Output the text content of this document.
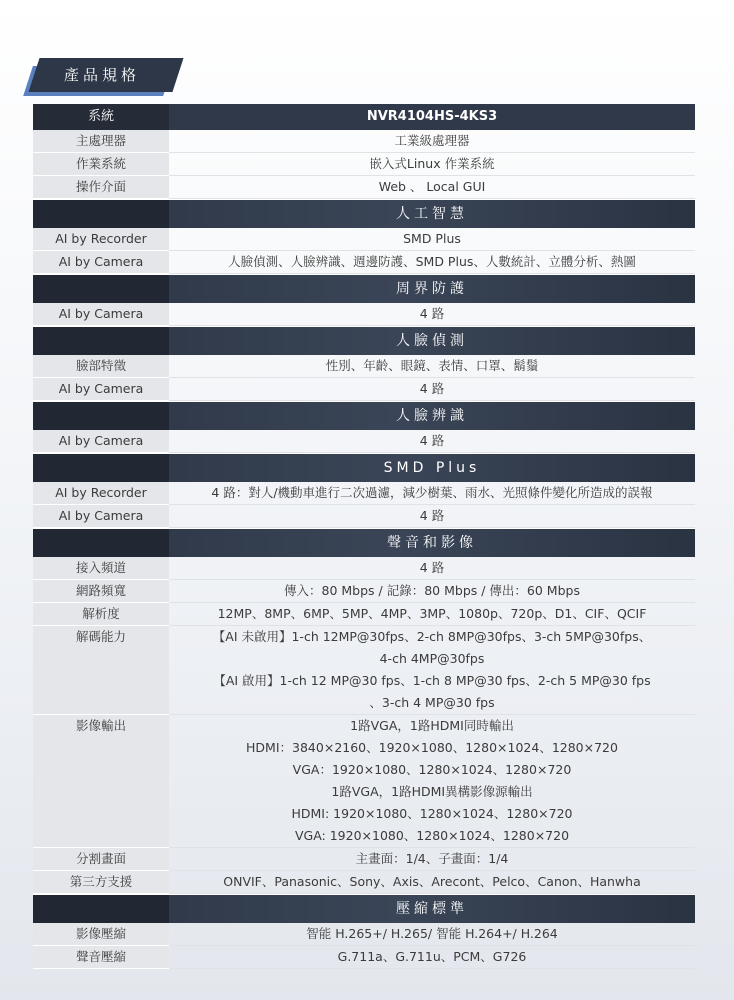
產品規格
系統	NVR4104HS-4KS3
主處理器	工業級處理器
作業系統	嵌入式Linux 作業系統
操作介面	Web 、 Local GUI
人工智慧
AI by Recorder	SMD Plus
AI by Camera	人臉偵測、人臉辨識、週邊防護、SMD Plus、人數統計、立體分析、熱圖
周界防護
AI by Camera	4 路
人臉偵測
臉部特徵	性別、年齡、眼鏡、表情、口罩、鬍鬚
AI by Camera	4 路
人臉辨識
AI by Camera	4 路
SMD Plus
AI by Recorder	4 路：對人/機動車進行二次過濾，減少樹葉、雨水、光照條件變化所造成的誤報
AI by Camera	4 路
聲音和影像
接入頻道	4 路
網路頻寬	傳入：80 Mbps / 記錄：80 Mbps / 傳出：60 Mbps
解析度	12MP、8MP、6MP、5MP、4MP、3MP、1080p、720p、D1、CIF、QCIF
解碼能力	【AI 未啟用】1-ch 12MP@30fps、2-ch 8MP@30fps、3-ch 5MP@30fps、
4-ch 4MP@30fps
【AI 啟用】1-ch 12 MP@30 fps、1-ch 8 MP@30 fps、2-ch 5 MP@30 fps
、3-ch 4 MP@30 fps
影像輸出	1路VGA，1路HDMI同時輸出
HDMI：3840×2160、1920×1080、1280×1024、1280×720
VGA：1920×1080、1280×1024、1280×720
1路VGA，1路HDMI異構影像源輸出
HDMI: 1920×1080、1280×1024、1280×720
VGA: 1920×1080、1280×1024、1280×720
分割畫面	主畫面：1/4、子畫面：1/4
第三方支援	ONVIF、Panasonic、Sony、Axis、Arecont、Pelco、Canon、Hanwha
壓縮標準
影像壓縮	智能 H.265+/ H.265/ 智能 H.264+/ H.264
聲音壓縮	G.711a、G.711u、PCM、G726
